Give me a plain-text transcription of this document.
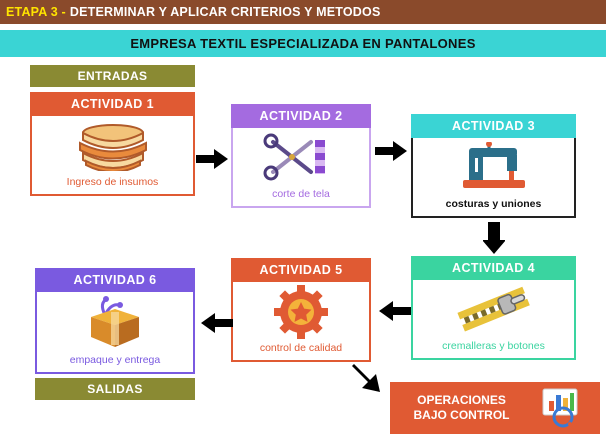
ETAPA 3 - DETERMINAR Y APLICAR CRITERIOS Y METODOS
EMPRESA TEXTIL ESPECIALIZADA EN PANTALONES
ENTRADAS
ACTIVIDAD 1
Ingreso de insumos
ACTIVIDAD 2
corte de tela
ACTIVIDAD 3
costuras y uniones
ACTIVIDAD 4
cremalleras y botones
ACTIVIDAD 5
control de calidad
ACTIVIDAD 6
empaque y entrega
SALIDAS
OPERACIONES
BAJO CONTROL
